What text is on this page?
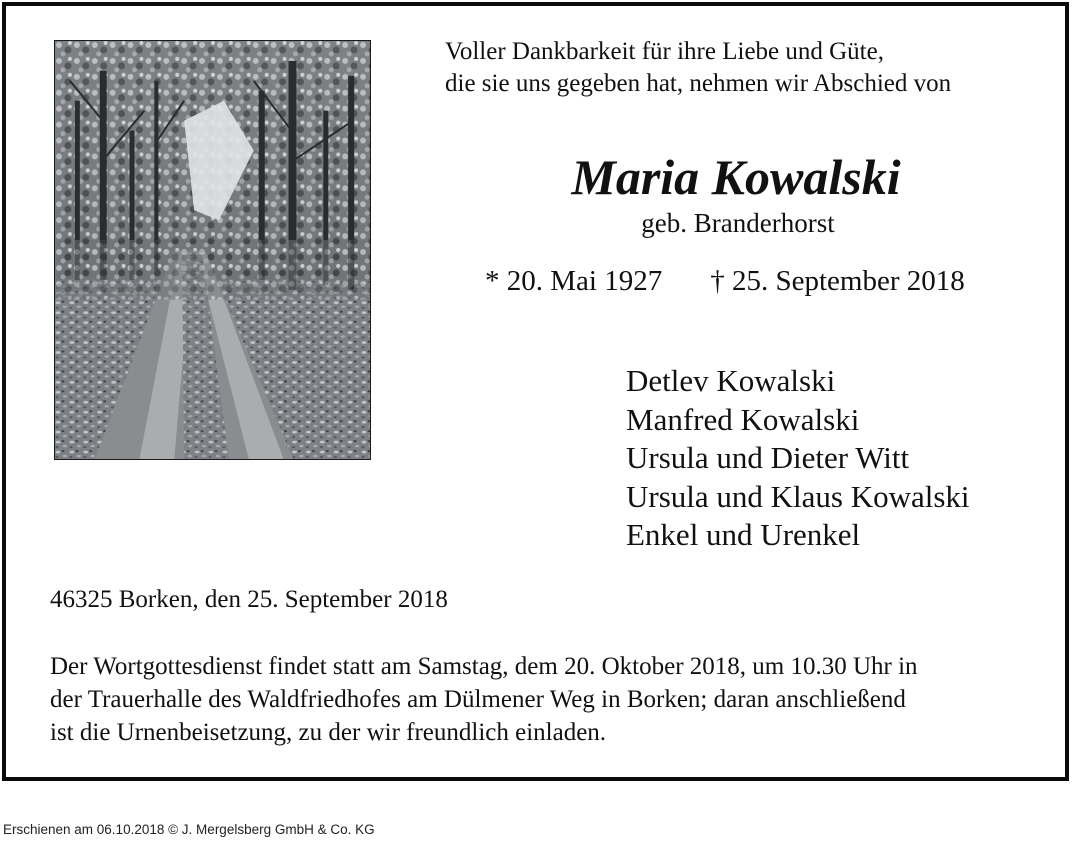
Voller Dankbarkeit für ihre Liebe und Güte,
die sie uns gegeben hat, nehmen wir Abschied von
Maria Kowalski
geb. Branderhorst
* 20. Mai 1927 † 25. September 2018
Detlev Kowalski
Manfred Kowalski
Ursula und Dieter Witt
Ursula und Klaus Kowalski
Enkel und Urenkel
46325 Borken, den 25. September 2018
Der Wortgottesdienst findet statt am Samstag, dem 20. Oktober 2018, um 10.30 Uhr in
der Trauerhalle des Waldfriedhofes am Dülmener Weg in Borken; daran anschließend
ist die Urnenbeisetzung, zu der wir freundlich einladen.
Erschienen am 06.10.2018 © J. Mergelsberg GmbH & Co. KG
